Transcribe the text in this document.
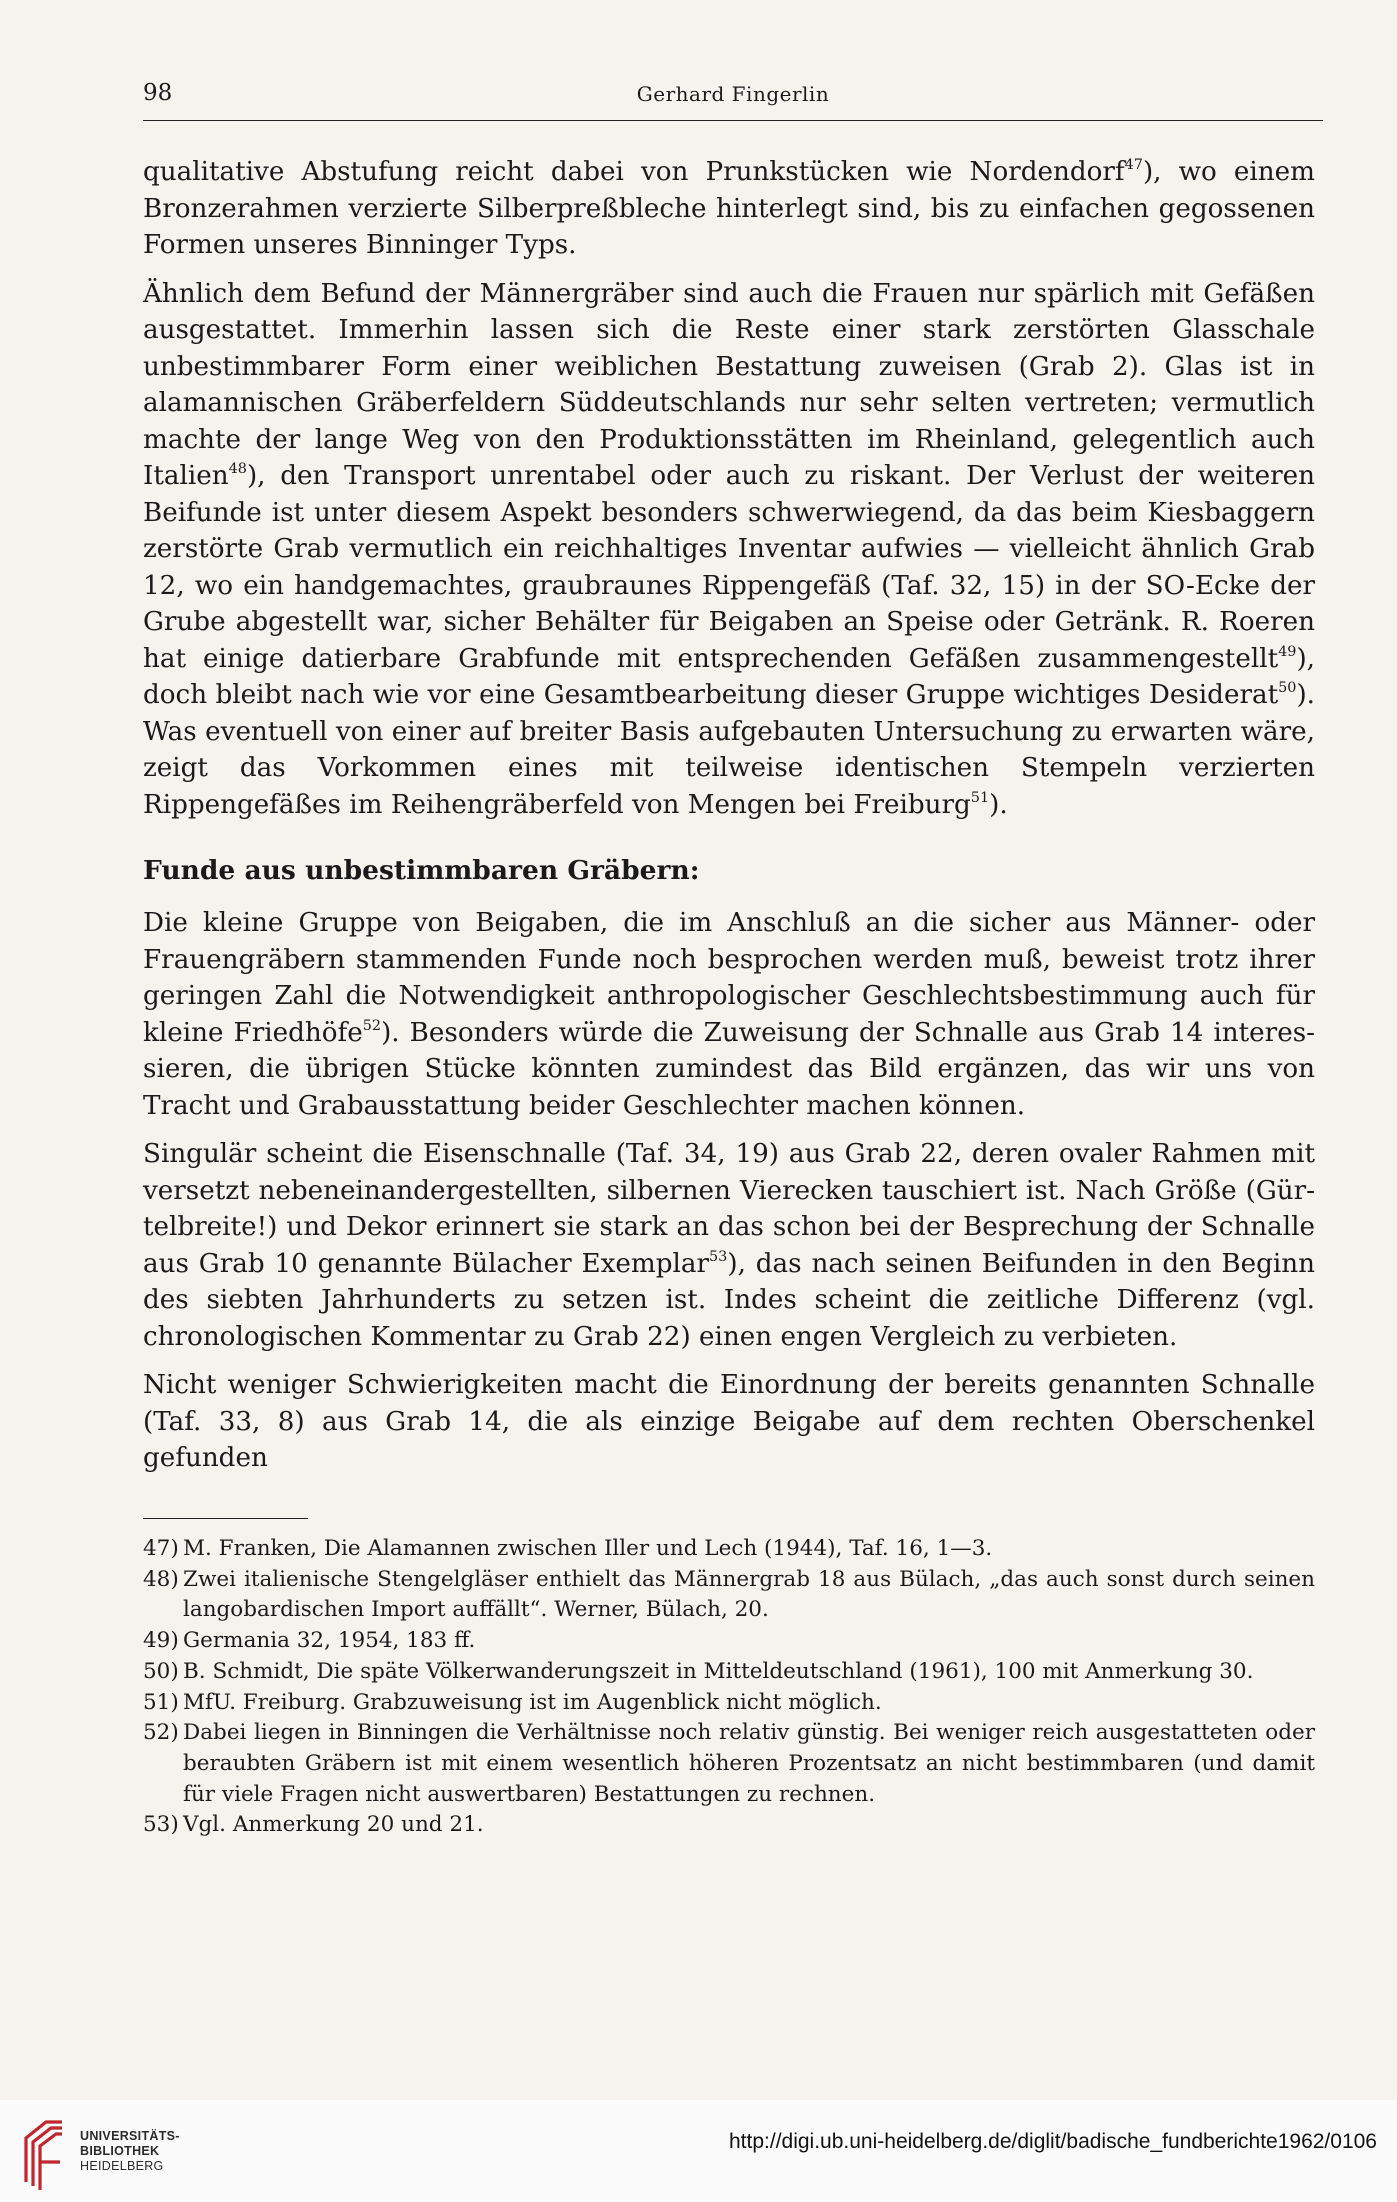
98	Gerhard Fingerlin

qualitative Abstufung reicht dabei von Prunkstücken wie Nordendorf$^{47}$), wo einem Bronzerahmen verzierte Silberpreßbleche hinterlegt sind, bis zu einfachen gegossenen Formen unseres Binninger Typs.

Ähnlich dem Befund der Männergräber sind auch die Frauen nur spärlich mit Gefäßen ausgestattet. Immerhin lassen sich die Reste einer stark zerstörten Glasschale unbestimmbarer Form einer weiblichen Bestattung zuweisen (Grab 2). Glas ist in alamannischen Gräberfeldern Süddeutschlands nur sehr selten vertreten; vermutlich machte der lange Weg von den Produktionsstätten im Rheinland, gelegentlich auch Italien$^{48}$), den Transport unrentabel oder auch zu riskant. Der Verlust der weiteren Beifunde ist unter diesem Aspekt besonders schwerwiegend, da das beim Kiesbaggern zerstörte Grab vermutlich ein reichhaltiges Inventar aufwies — vielleicht ähnlich Grab 12, wo ein handgemachtes, graubraunes Rippengefäß (Taf. 32, 15) in der SO-Ecke der Grube abgestellt war, sicher Behälter für Beigaben an Speise oder Getränk. R. Roeren hat einige datierbare Grabfunde mit entsprechenden Gefäßen zusammengestellt$^{49}$), doch bleibt nach wie vor eine Gesamtbearbeitung dieser Gruppe wichtiges Desiderat$^{50}$). Was eventuell von einer auf breiter Basis aufgebauten Untersuchung zu erwarten wäre, zeigt das Vorkommen eines mit teilweise identischen Stempeln verzierten Rippengefäßes im Reihengräberfeld von Mengen bei Freiburg$^{51}$).

Funde aus unbestimmbaren Gräbern:

Die kleine Gruppe von Beigaben, die im Anschluß an die sicher aus Männer- oder Frauengräbern stammenden Funde noch besprochen werden muß, beweist trotz ihrer geringen Zahl die Notwendigkeit anthropologischer Geschlechtsbestimmung auch für kleine Friedhöfe$^{52}$). Besonders würde die Zuweisung der Schnalle aus Grab 14 interessieren, die übrigen Stücke könnten zumindest das Bild ergänzen, das wir uns von Tracht und Grabausstattung beider Geschlechter machen können.

Singulär scheint die Eisenschnalle (Taf. 34, 19) aus Grab 22, deren ovaler Rahmen mit versetzt nebeneinandergestellten, silbernen Vierecken tauschiert ist. Nach Größe (Gürtelbreite!) und Dekor erinnert sie stark an das schon bei der Besprechung der Schnalle aus Grab 10 genannte Bülacher Exemplar$^{53}$), das nach seinen Beifunden in den Beginn des siebten Jahrhunderts zu setzen ist. Indes scheint die zeitliche Differenz (vgl. chronologischen Kommentar zu Grab 22) einen engen Vergleich zu verbieten.

Nicht weniger Schwierigkeiten macht die Einordnung der bereits genannten Schnalle (Taf. 33, 8) aus Grab 14, die als einzige Beigabe auf dem rechten Oberschenkel gefunden

47) M. Franken, Die Alamannen zwischen Iller und Lech (1944), Taf. 16, 1—3.
48) Zwei italienische Stengelgläser enthielt das Männergrab 18 aus Bülach, „das auch sonst durch seinen langobardischen Import auffällt“. Werner, Bülach, 20.
49) Germania 32, 1954, 183 ff.
50) B. Schmidt, Die späte Völkerwanderungszeit in Mitteldeutschland (1961), 100 mit Anmerkung 30.
51) MfU. Freiburg. Grabzuweisung ist im Augenblick nicht möglich.
52) Dabei liegen in Binningen die Verhältnisse noch relativ günstig. Bei weniger reich ausgestatteten oder beraubten Gräbern ist mit einem wesentlich höheren Prozentsatz an nicht bestimmbaren (und damit für viele Fragen nicht auswertbaren) Bestattungen zu rechnen.
53) Vgl. Anmerkung 20 und 21.
UNIVERSITÄTS-
BIBLIOTHEK
HEIDELBERG
http://digi.ub.uni-heidelberg.de/diglit/badische_fundberichte1962/0106
